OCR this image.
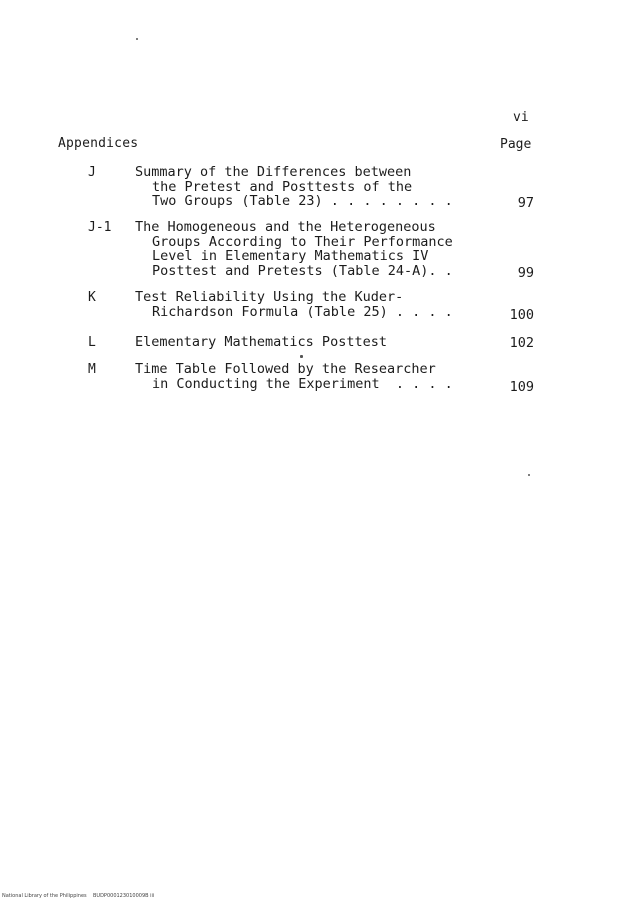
vi
Appendices	Page
J	Summary of the Differences between
the Pretest and Posttests of the
Two Groups (Table 23) . . . . . . . .	97
J-1 The Homogeneous and the Heterogeneous
Groups According to Their Performance
Level in Elementary Mathematics IV
Posttest and Pretests (Table 24-A). .	99
K	Test Reliability Using the Kuder-
Richardson Formula (Table 25) . . . .	100
L	Elementary Mathematics Posttest	102
M	Time Table Followed by the Researcher
in Conducting the Experiment  . . . .	109
National Library of the Philippines    BUDP000123010009B iii
